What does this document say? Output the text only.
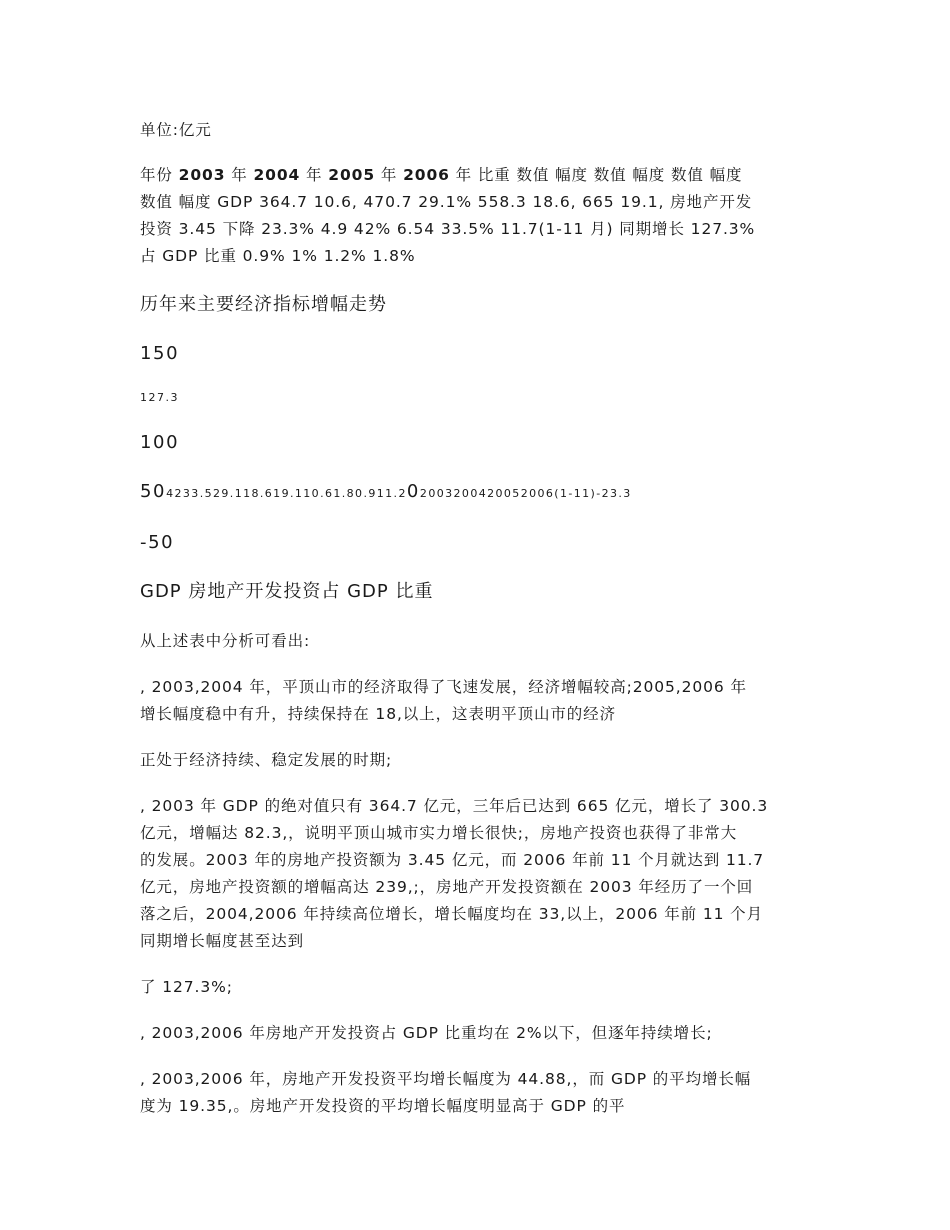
单位:亿元
年份 2003 年 2004 年 2005 年 2006 年 比重 数值 幅度 数值 幅度 数值 幅度
数值 幅度 GDP 364.7 10.6, 470.7 29.1% 558.3 18.6, 665 19.1, 房地产开发
投资 3.45 下降 23.3% 4.9 42% 6.54 33.5% 11.7(1-11 月) 同期增长 127.3%
占 GDP 比重 0.9% 1% 1.2% 1.8%
历年来主要经济指标增幅走势
150
127.3
100
504233.529.118.619.110.61.80.911.202003200420052006(1-11)-23.3
-50
GDP 房地产开发投资占 GDP 比重
从上述表中分析可看出:
, 2003,2004 年，平顶山市的经济取得了飞速发展，经济增幅较高;2005,2006 年
增长幅度稳中有升，持续保持在 18,以上，这表明平顶山市的经济
正处于经济持续、稳定发展的时期;
, 2003 年 GDP 的绝对值只有 364.7 亿元，三年后已达到 665 亿元，增长了 300.3
亿元，增幅达 82.3,，说明平顶山城市实力增长很快;，房地产投资也获得了非常大
的发展。2003 年的房地产投资额为 3.45 亿元，而 2006 年前 11 个月就达到 11.7
亿元，房地产投资额的增幅高达 239,;，房地产开发投资额在 2003 年经历了一个回
落之后，2004,2006 年持续高位增长，增长幅度均在 33,以上，2006 年前 11 个月
同期增长幅度甚至达到
了 127.3%;
, 2003,2006 年房地产开发投资占 GDP 比重均在 2%以下，但逐年持续增长;
, 2003,2006 年，房地产开发投资平均增长幅度为 44.88,，而 GDP 的平均增长幅
度为 19.35,。房地产开发投资的平均增长幅度明显高于 GDP 的平
